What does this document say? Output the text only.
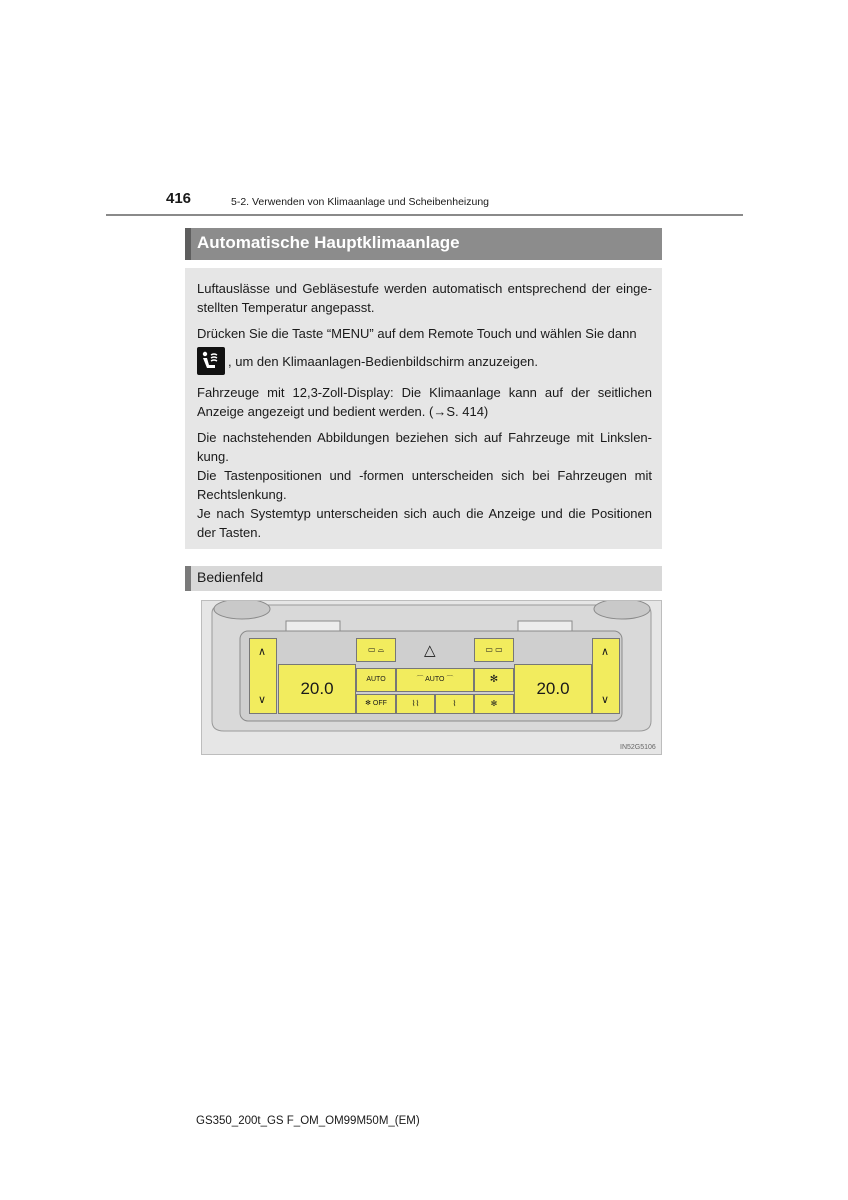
416	5-2. Verwenden von Klimaanlage und Scheibenheizung
Automatische Hauptklimaanlage

Luftauslässe und Gebläsestufe werden automatisch entsprechend der eingestellten Temperatur angepasst.

Drücken Sie die Taste “MENU” auf dem Remote Touch und wählen Sie dann

, um den Klimaanlagen-Bedienbildschirm anzuzeigen.

Fahrzeuge mit 12,3-Zoll-Display: Die Klimaanlage kann auf der seitlichen Anzeige angezeigt und bedient werden. (→S. 414)

Die nachstehenden Abbildungen beziehen sich auf Fahrzeuge mit Linkslenkung.

Die Tastenpositionen und -formen unterscheiden sich bei Fahrzeugen mit Rechtslenkung.

Je nach Systemtyp unterscheiden sich auch die Anzeige und die Positionen der Tasten.

Bedienfeld
∧
∨
20.0	20.0
∧
∨
▭ ⌓	△	▭ ▭
AUTO	⌒ AUTO ⌒	✻
✻ OFF	⌇⌇	⌇	✻
IN52G5106
GS350_200t_GS F_OM_OM99M50M_(EM)
